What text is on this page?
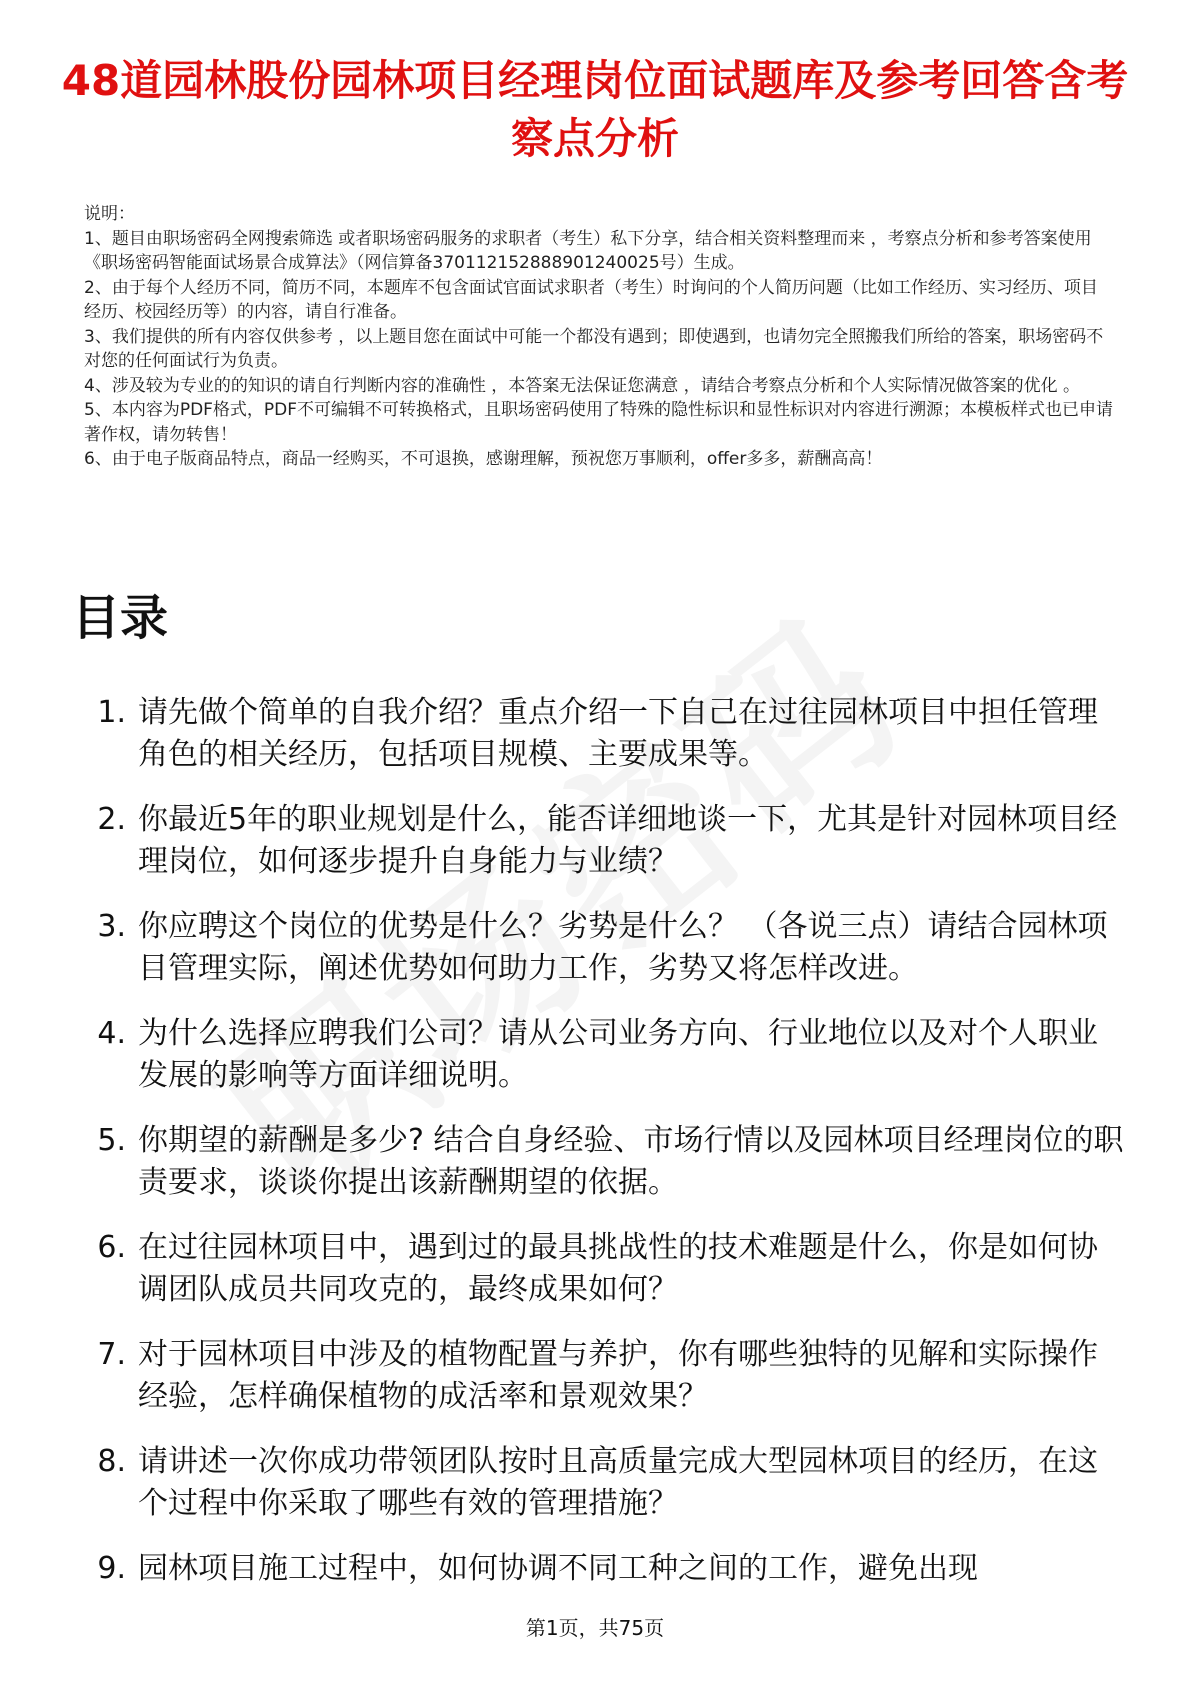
48道园林股份园林项目经理岗位面试题库及参考回答含考察点分析

说明：

1、题目由职场密码全网搜索筛选 或者职场密码服务的求职者（考生）私下分享，结合相关资料整理而来 ，考察点分析和参考答案使用《职场密码智能面试场景合成算法》（网信算备370112152888901240025号）生成。

2、由于每个人经历不同，简历不同，本题库不包含面试官面试求职者（考生）时询问的个人简历问题（比如工作经历、实习经历、项目经历、校园经历等）的内容，请自行准备。

3、我们提供的所有内容仅供参考 ，以上题目您在面试中可能一个都没有遇到；即使遇到，也请勿完全照搬我们所给的答案，职场密码不对您的任何面试行为负责。

4、涉及较为专业的的知识的请自行判断内容的准确性 ，本答案无法保证您满意 ，请结合考察点分析和个人实际情况做答案的优化 。

5、本内容为PDF格式，PDF不可编辑不可转换格式，且职场密码使用了特殊的隐性标识和显性标识对内容进行溯源；本模板样式也已申请著作权，请勿转售！

6、由于电子版商品特点，商品一经购买，不可退换，感谢理解，预祝您万事顺利，offer多多，薪酬高高！

目录
1. 请先做个简单的自我介绍？重点介绍一下自己在过往园林项目中担任管理角色的相关经历，包括项目规模、主要成果等。
2. 你最近5年的职业规划是什么，能否详细地谈一下，尤其是针对园林项目经理岗位，如何逐步提升自身能力与业绩？
3. 你应聘这个岗位的优势是什么？劣势是什么？ （各说三点）请结合园林项目管理实际，阐述优势如何助力工作，劣势又将怎样改进。
4. 为什么选择应聘我们公司？请从公司业务方向、行业地位以及对个人职业发展的影响等方面详细说明。
5. 你期望的薪酬是多少? 结合自身经验、市场行情以及园林项目经理岗位的职责要求，谈谈你提出该薪酬期望的依据。
6. 在过往园林项目中，遇到过的最具挑战性的技术难题是什么，你是如何协调团队成员共同攻克的，最终成果如何？
7. 对于园林项目中涉及的植物配置与养护，你有哪些独特的见解和实际操作经验，怎样确保植物的成活率和景观效果？
8. 请讲述一次你成功带领团队按时且高质量完成大型园林项目的经历，在这个过程中你采取了哪些有效的管理措施？
9. 园林项目施工过程中，如何协调不同工种之间的工作，避免出现
第1页，共75页
